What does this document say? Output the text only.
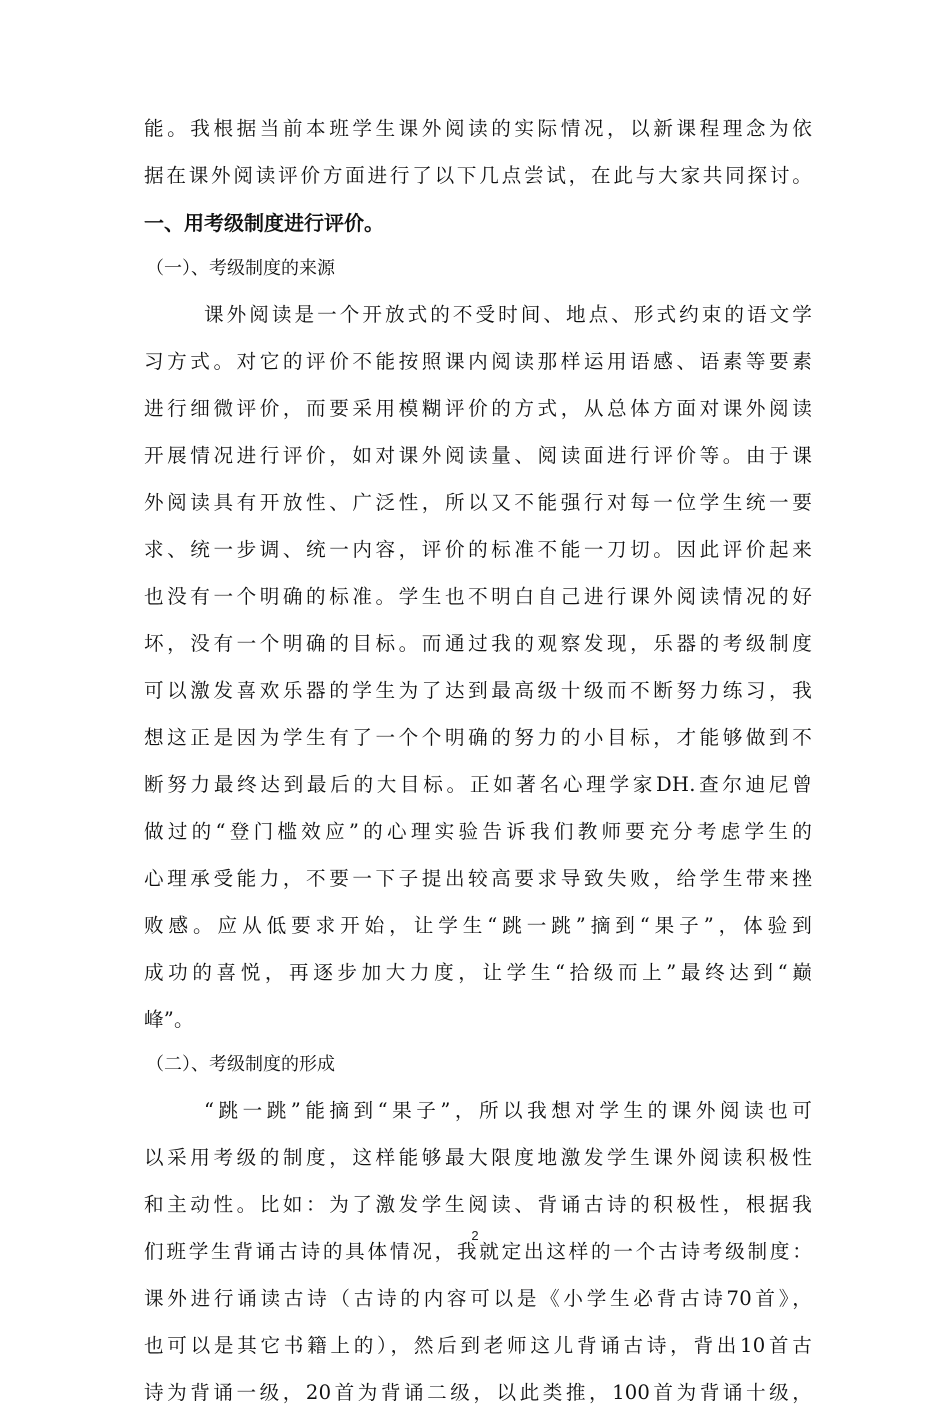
能。我根据当前本班学生课外阅读的实际情况，以新课程理念为依
据在课外阅读评价方面进行了以下几点尝试，在此与大家共同探讨。
一、用考级制度进行评价。
（一）、考级制度的来源
课外阅读是一个开放式的不受时间、地点、形式约束的语文学
习方式。对它的评价不能按照课内阅读那样运用语感、语素等要素
进行细微评价，而要采用模糊评价的方式，从总体方面对课外阅读
开展情况进行评价，如对课外阅读量、阅读面进行评价等。由于课
外阅读具有开放性、广泛性，所以又不能强行对每一位学生统一要
求、统一步调、统一内容，评价的标准不能一刀切。因此评价起来
也没有一个明确的标准。学生也不明白自己进行课外阅读情况的好
坏，没有一个明确的目标。而通过我的观察发现，乐器的考级制度
可以激发喜欢乐器的学生为了达到最高级十级而不断努力练习，我
想这正是因为学生有了一个个明确的努力的小目标，才能够做到不
断努力最终达到最后的大目标。正如著名心理学家DH.查尔迪尼曾
做过的“登门槛效应”的心理实验告诉我们教师要充分考虑学生的
心理承受能力，不要一下子提出较高要求导致失败，给学生带来挫
败感。应从低要求开始，让学生“跳一跳”摘到“果子”，体验到
成功的喜悦，再逐步加大力度，让学生“拾级而上”最终达到“巅
峰”。
（二）、考级制度的形成
“跳一跳”能摘到“果子”，所以我想对学生的课外阅读也可
以采用考级的制度，这样能够最大限度地激发学生课外阅读积极性
和主动性。比如：为了激发学生阅读、背诵古诗的积极性，根据我
们班学生背诵古诗的具体情况，我就定出这样的一个古诗考级制度：
课外进行诵读古诗（古诗的内容可以是《小学生必背古诗70首》，
也可以是其它书籍上的），然后到老师这儿背诵古诗，背出10首古
诗为背诵一级，20首为背诵二级，以此类推，100首为背诵十级，
2
